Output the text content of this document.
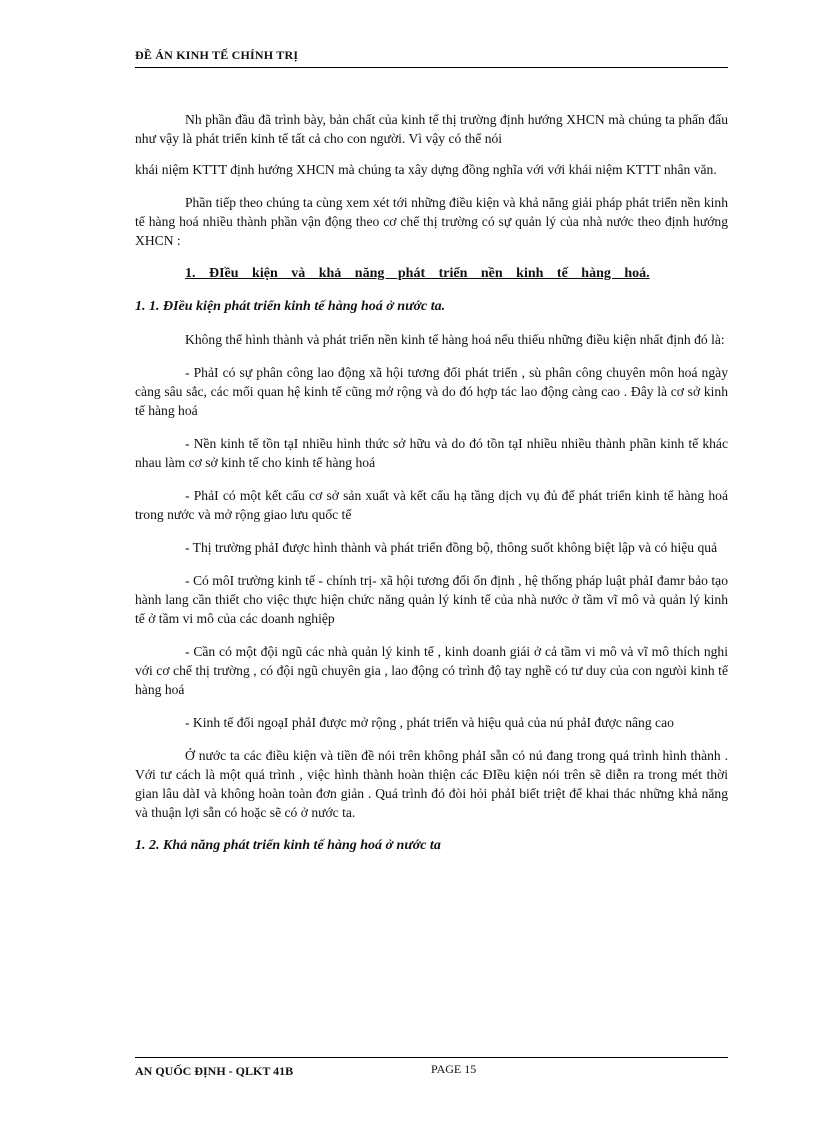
ĐỀ ÁN KINH TẾ CHÍNH TRỊ

Nh phần đầu đã trình bày, bản chất của kinh tế thị trường định hướng XHCN mà chúng ta phấn đấu như vậy là phát triển kinh tế tất cả cho con người. Vì vậy có thể nói

khái niệm KTTT định hướng XHCN mà chúng ta xây dựng đồng nghĩa với với khái niệm KTTT nhân văn.

Phần tiếp theo chúng ta cùng xem xét tới những điều kiện và khả năng giải pháp phát triển nền kinh tế hàng hoá nhiều thành phần vận động theo cơ chế thị trường có sự quản lý của nhà nước theo định hướng XHCN :

1. ĐIều kiện và khả năng phát triển nền kinh tế hàng hoá.
1. 1. ĐIều kiện phát triển kinh tế hàng hoá ở nước ta.

Không thể hình thành và phát triển nền kinh tế hàng hoá nếu thiếu những điều kiện nhất định đó là:

- PhảI có sự phân công lao động xã hội tương đối phát triển , sù phân công chuyên môn hoá ngày càng sâu sắc, các mối quan hệ kinh tế cũng mở rộng và do đó hợp tác lao động càng cao . Đây là cơ sở kinh tế hàng hoá

- Nền kinh tế tồn tạI nhiều hình thức sở hữu và do đó tồn tạI nhiều nhiều thành phần kinh tế khác nhau làm cơ sở kinh tế cho kinh tế hàng hoá

- PhảI có một kết cấu cơ sở sản xuất và kết cấu hạ tầng dịch vụ đủ để phát triển kinh tế hàng hoá trong nước và mở rộng giao lưu quốc tế

- Thị trường phảI được hình thành và phát triển đồng bộ, thông suốt không biệt lập và có hiệu quả

- Có môI trường kinh tế - chính trị- xã hội tương đối ổn định , hệ thống pháp luật phảI đamr bảo tạo hành lang cần thiết cho việc thực hiện chức năng quản lý kinh tế của nhà nước ở tầm vĩ mô và quản lý kinh tế ở tầm vi mô của các doanh nghiệp

- Cần có một đội ngũ các nhà quản lý kinh tế , kinh doanh giái ở cả tầm vi mô và vĩ mô thích nghi với cơ chế thị trường , có đội ngũ chuyên gia , lao động có trình độ tay nghề có tư duy của con ngưòi kinh tế hàng hoá

- Kinh tế đối ngoạI phảI được mở rộng , phát triển và hiệu quả của nú phảI được nâng cao

Ở nước ta các điều kiện và tiền đề nói trên không phảI sẵn có nú đang trong quá trình hình thành . Với tư cách là một quá trình , việc hình thành hoàn thiện các ĐIều kiện nói trên sẽ diễn ra trong mét thời gian lâu dàI và không hoàn toàn đơn giản . Quá trình đó đòi hỏi phảI biết triệt để khai thác những khả năng và thuận lợi sẵn có hoặc sẽ có ở nước ta.

1. 2. Khả năng phát triển kinh tế hàng hoá ở nước ta
AN QUỐC ĐỊNH - QLKT 41B	PAGE 15
